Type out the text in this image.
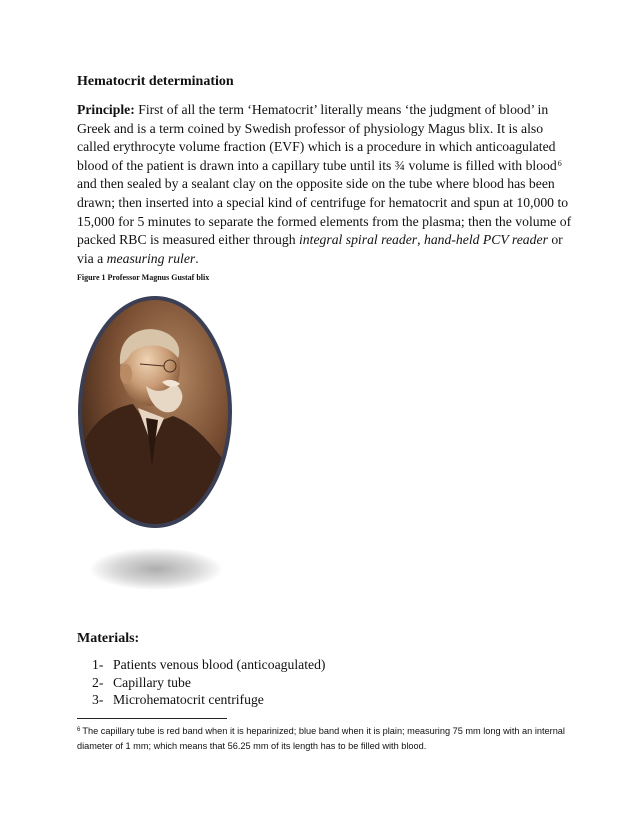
Hematocrit determination
Principle: First of all the term ‘Hematocrit’ literally means ‘the judgment of blood’ in Greek and is a term coined by Swedish professor of physiology Magus blix. It is also called erythrocyte volume fraction (EVF) which is a procedure in which anticoagulated blood of the patient is drawn into a capillary tube until its ¾ volume is filled with blood$^6$ and then sealed by a sealant clay on the opposite side on the tube where blood has been drawn; then inserted into a special kind of centrifuge for hematocrit and spun at 10,000 to 15,000 for 5 minutes to separate the formed elements from the plasma; then the volume of packed RBC is measured either through integral spiral reader, hand-held PCV reader or via a measuring ruler.
Figure 1 Professor Magnus Gustaf blix
Materials:
1- Patients venous blood (anticoagulated)
2- Capillary tube
3- Microhematocrit centrifuge
$^6$ The capillary tube is red band when it is heparinized; blue band when it is plain; measuring 75 mm long with an internal diameter of 1 mm; which means that 56.25 mm of its length has to be filled with blood.
